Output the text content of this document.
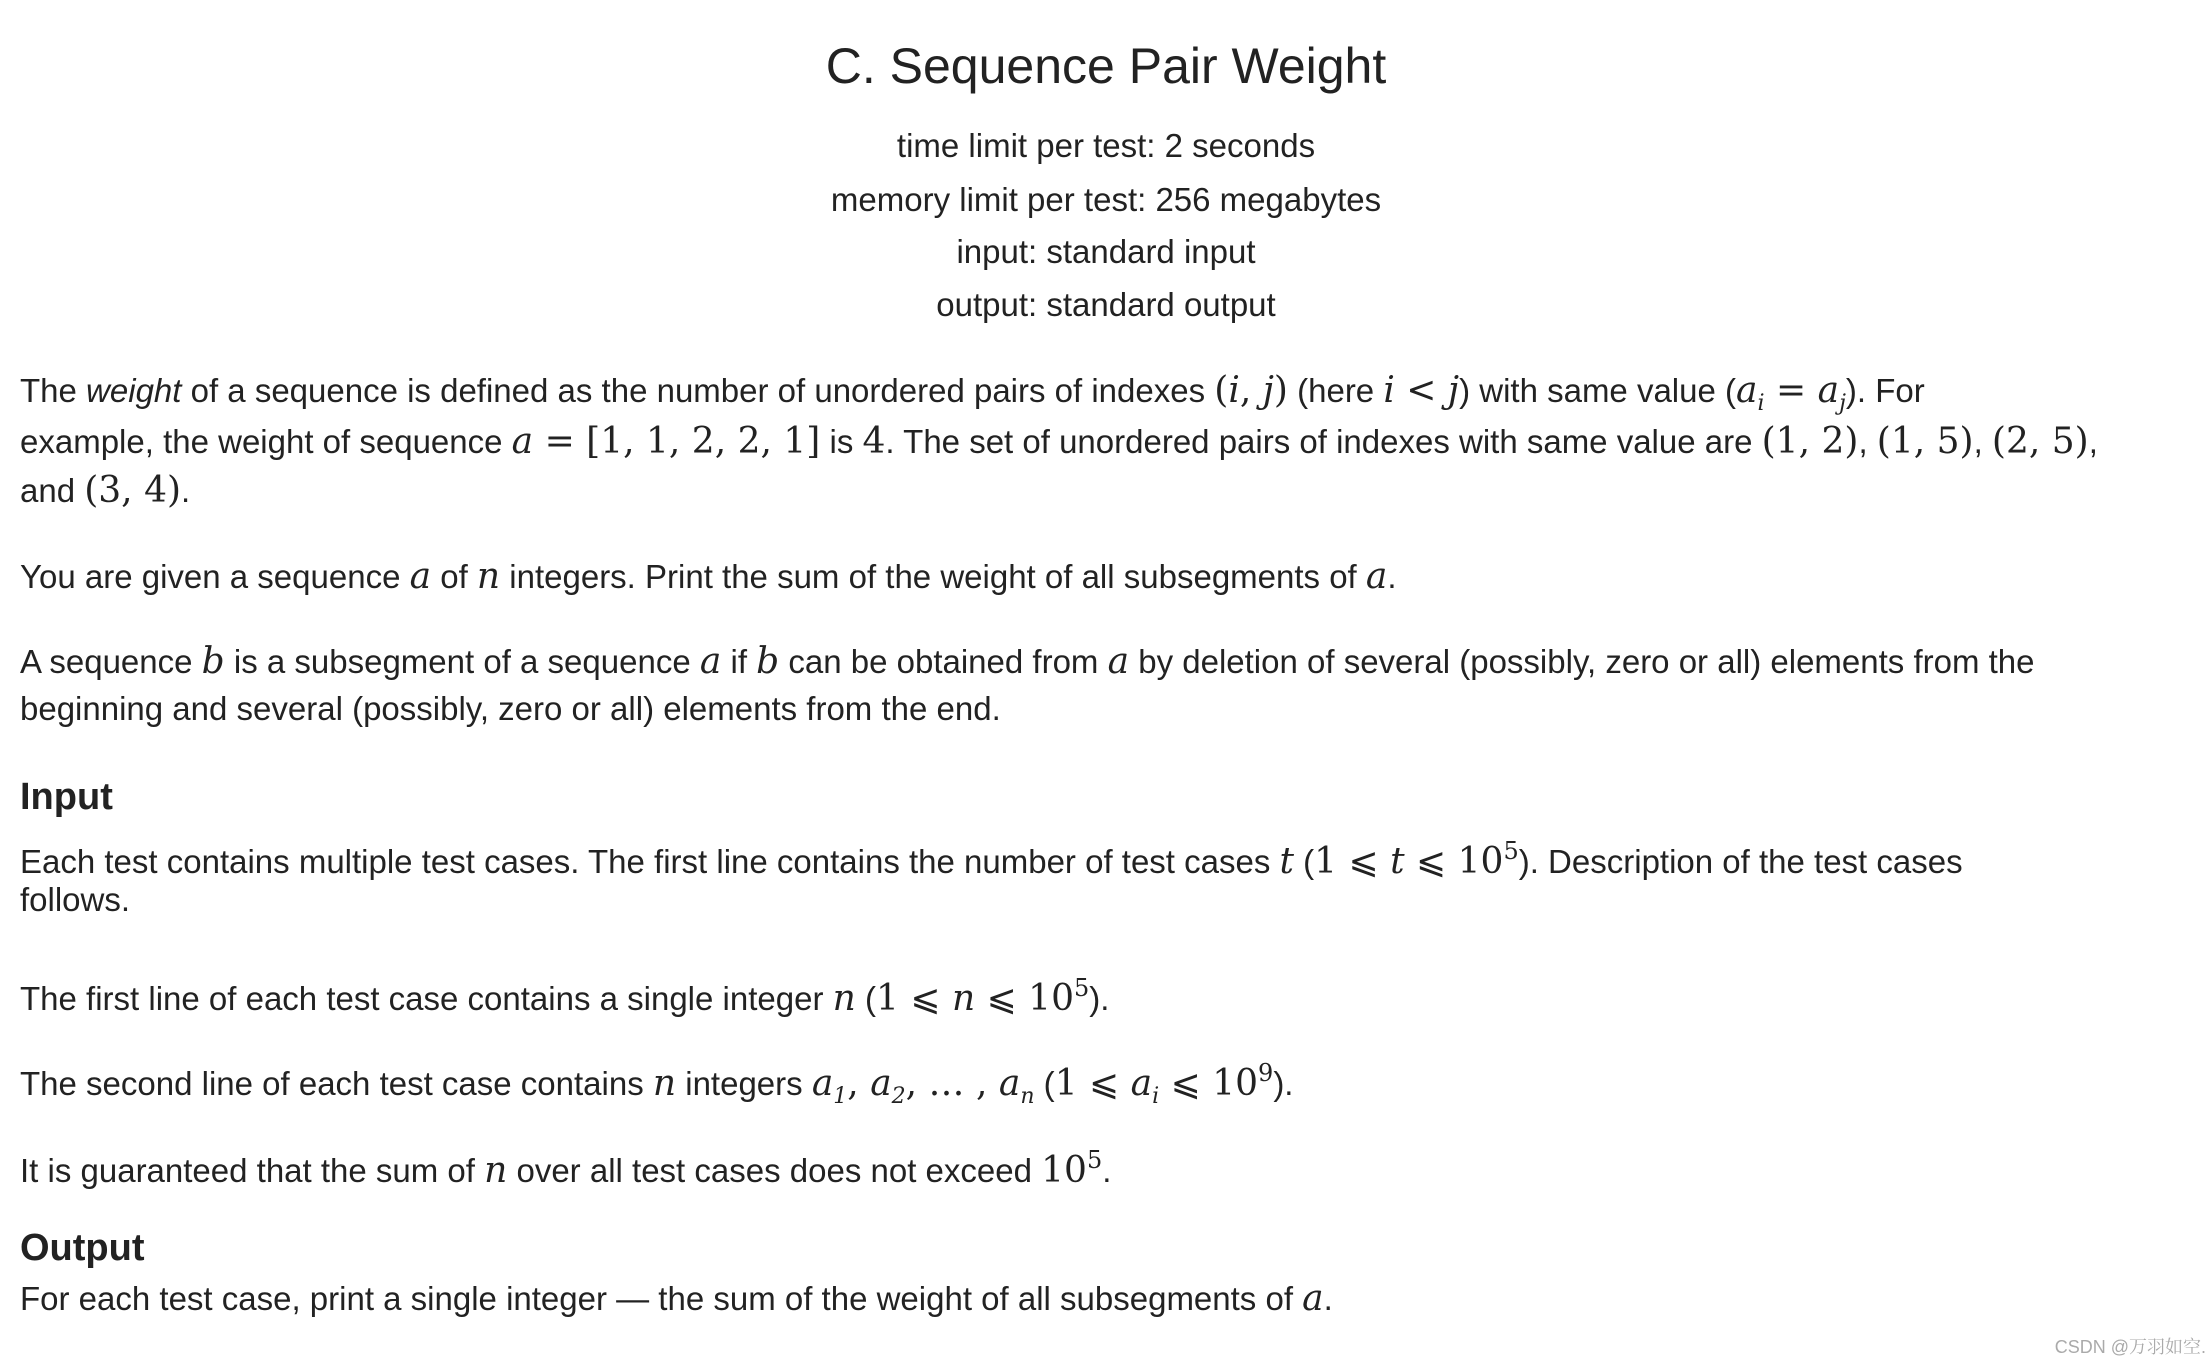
C. Sequence Pair Weight
time limit per test: 2 seconds
memory limit per test: 256 megabytes
input: standard input
output: standard output
The weight of a sequence is defined as the number of unordered pairs of indexes (i, j) (here i < j) with same value $(a_i = a_j)$. For
example, the weight of sequence a = [1, 1, 2, 2, 1] is 4. The set of unordered pairs of indexes with same value are (1, 2), (1, 5), (2, 5),
and (3, 4).
You are given a sequence a of n integers. Print the sum of the weight of all subsegments of a.
A sequence b is a subsegment of a sequence a if b can be obtained from a by deletion of several (possibly, zero or all) elements from the
beginning and several (possibly, zero or all) elements from the end.
Each test contains multiple test cases. The first line contains the number of test cases t (1 ⩽ t ⩽ $10^5$). Description of the test cases
follows.
The first line of each test case contains a single integer n (1 ⩽ n ⩽ $10^5$).
The second line of each test case contains n integers $a_1$, $a_2$, … , $a_n$ (1 ⩽ $a_i$ ⩽ $10^9$).
It is guaranteed that the sum of n over all test cases does not exceed $10^5$.
For each test case, print a single integer — the sum of the weight of all subsegments of a.
Input
Output
CSDN @万羽如空.
